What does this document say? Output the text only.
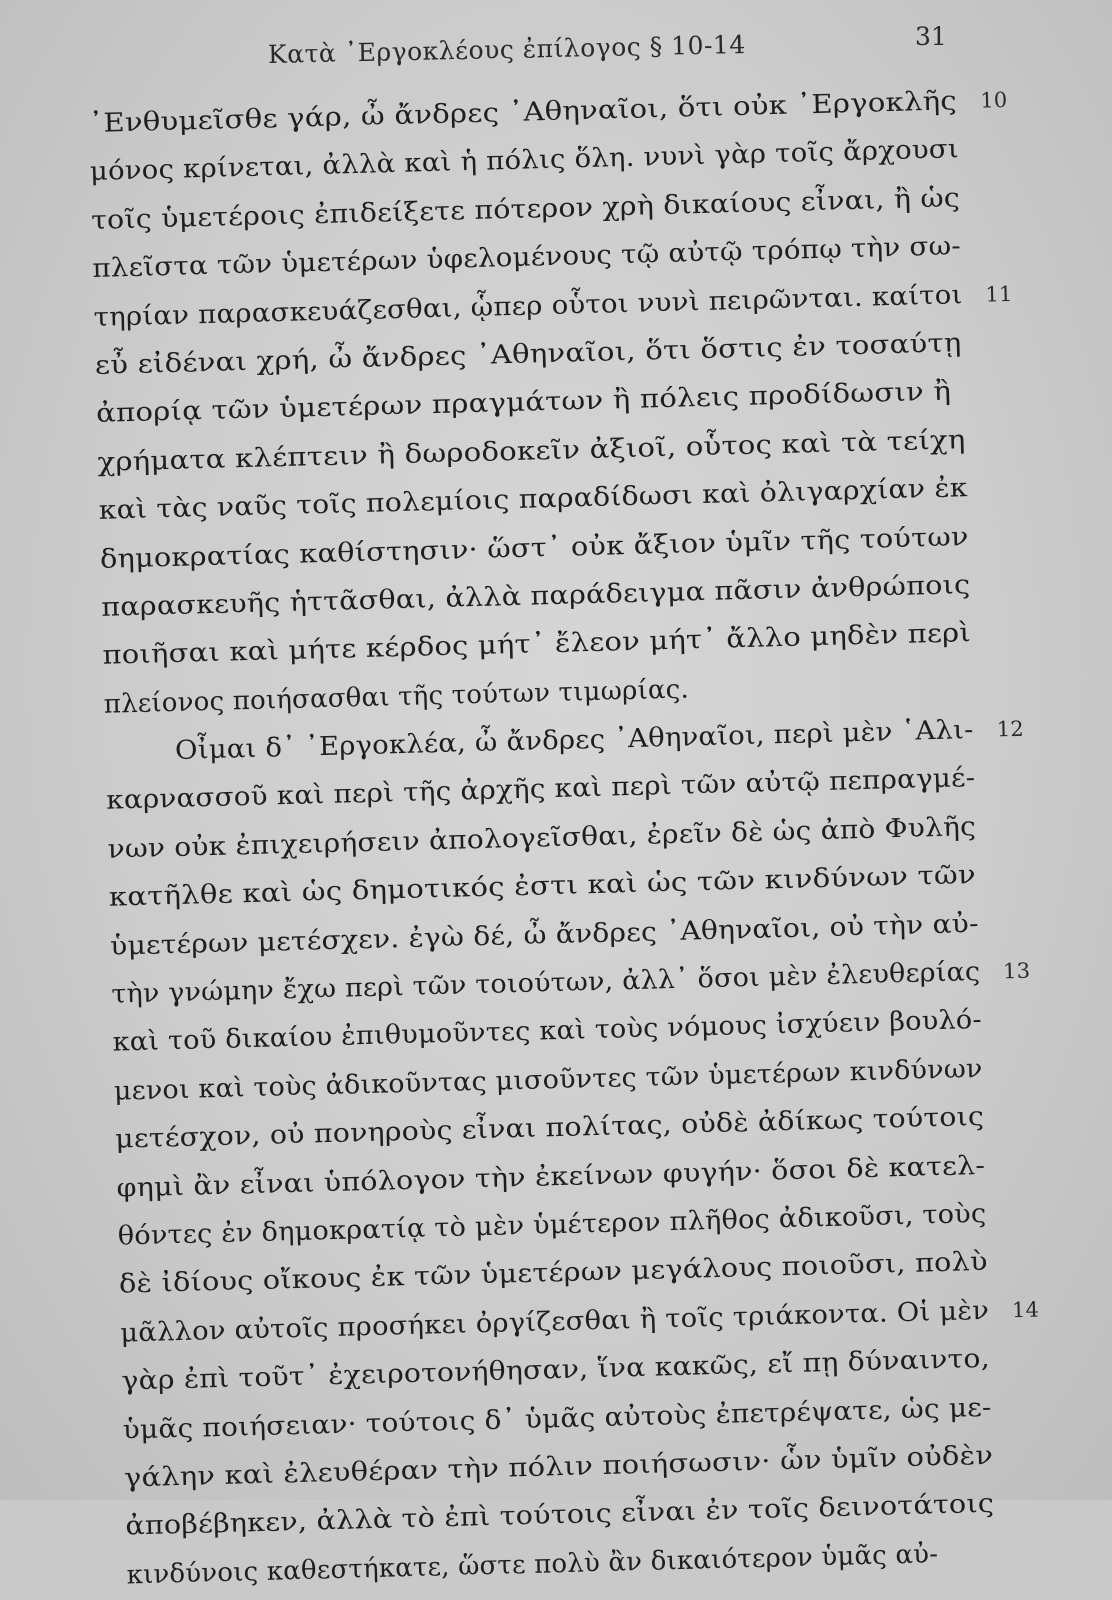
Κατὰ ᾿Εργοκλέους ἐπίλογος § 10-14	31
᾿Ενθυμεῖσθε γάρ, ὦ ἄνδρες ᾿Αθηναῖοι, ὅτι οὐκ ᾿Εργοκλῆς 10
μόνος κρίνεται, ἀλλὰ καὶ ἡ πόλις ὅλη. νυνὶ γὰρ τοῖς ἄρχουσι
τοῖς ὑμετέροις ἐπιδείξετε πότερον χρὴ δικαίους εἶναι, ἢ ὡς
πλεῖστα τῶν ὑμετέρων ὑφελομένους τῷ αὐτῷ τρόπῳ τὴν σω-
τηρίαν παρασκευάζεσθαι, ᾧπερ οὗτοι νυνὶ πειρῶνται. καίτοι 11
εὖ εἰδέναι χρή, ὦ ἄνδρες ᾿Αθηναῖοι, ὅτι ὅστις ἐν τοσαύτῃ
ἀπορίᾳ τῶν ὑμετέρων πραγμάτων ἢ πόλεις προδίδωσιν ἢ
χρήματα κλέπτειν ἢ δωροδοκεῖν ἀξιοῖ, οὗτος καὶ τὰ τείχη
καὶ τὰς ναῦς τοῖς πολεμίοις παραδίδωσι καὶ ὀλιγαρχίαν ἐκ
δημοκρατίας καθίστησιν· ὥστ᾿ οὐκ ἄξιον ὑμῖν τῆς τούτων
παρασκευῆς ἡττᾶσθαι, ἀλλὰ παράδειγμα πᾶσιν ἀνθρώποις
ποιῆσαι καὶ μήτε κέρδος μήτ᾿ ἔλεον μήτ᾿ ἄλλο μηδὲν περὶ
πλείονος ποιήσασθαι τῆς τούτων τιμωρίας.
Οἶμαι δ᾿ ᾿Εργοκλέα, ὦ ἄνδρες ᾿Αθηναῖοι, περὶ μὲν ῾Αλι- 12
καρνασσοῦ καὶ περὶ τῆς ἀρχῆς καὶ περὶ τῶν αὐτῷ πεπραγμέ-
νων οὐκ ἐπιχειρήσειν ἀπολογεῖσθαι, ἐρεῖν δὲ ὡς ἀπὸ Φυλῆς
κατῆλθε καὶ ὡς δημοτικός ἐστι καὶ ὡς τῶν κινδύνων τῶν
ὑμετέρων μετέσχεν. ἐγὼ δέ, ὦ ἄνδρες ᾿Αθηναῖοι, οὐ τὴν αὐ-
τὴν γνώμην ἔχω περὶ τῶν τοιούτων, ἀλλ᾿ ὅσοι μὲν ἐλευθερίας 13
καὶ τοῦ δικαίου ἐπιθυμοῦντες καὶ τοὺς νόμους ἰσχύειν βουλό-
μενοι καὶ τοὺς ἀδικοῦντας μισοῦντες τῶν ὑμετέρων κινδύνων
μετέσχον, οὐ πονηροὺς εἶναι πολίτας, οὐδὲ ἀδίκως τούτοις
φημὶ ἂν εἶναι ὑπόλογον τὴν ἐκείνων φυγήν· ὅσοι δὲ κατελ-
θόντες ἐν δημοκρατίᾳ τὸ μὲν ὑμέτερον πλῆθος ἀδικοῦσι, τοὺς
δὲ ἰδίους οἴκους ἐκ τῶν ὑμετέρων μεγάλους ποιοῦσι, πολὺ
μᾶλλον αὐτοῖς προσήκει ὀργίζεσθαι ἢ τοῖς τριάκοντα. Οἱ μὲν 14
γὰρ ἐπὶ τοῦτ᾿ ἐχειροτονήθησαν, ἵνα κακῶς, εἴ πῃ δύναιντο,
ὑμᾶς ποιήσειαν· τούτοις δ᾿ ὑμᾶς αὐτοὺς ἐπετρέψατε, ὡς με-
γάλην καὶ ἐλευθέραν τὴν πόλιν ποιήσωσιν· ὧν ὑμῖν οὐδὲν
ἀποβέβηκεν, ἀλλὰ τὸ ἐπὶ τούτοις εἶναι ἐν τοῖς δεινοτάτοις
κινδύνοις καθεστήκατε, ὥστε πολὺ ἂν δικαιότερον ὑμᾶς αὐ-
